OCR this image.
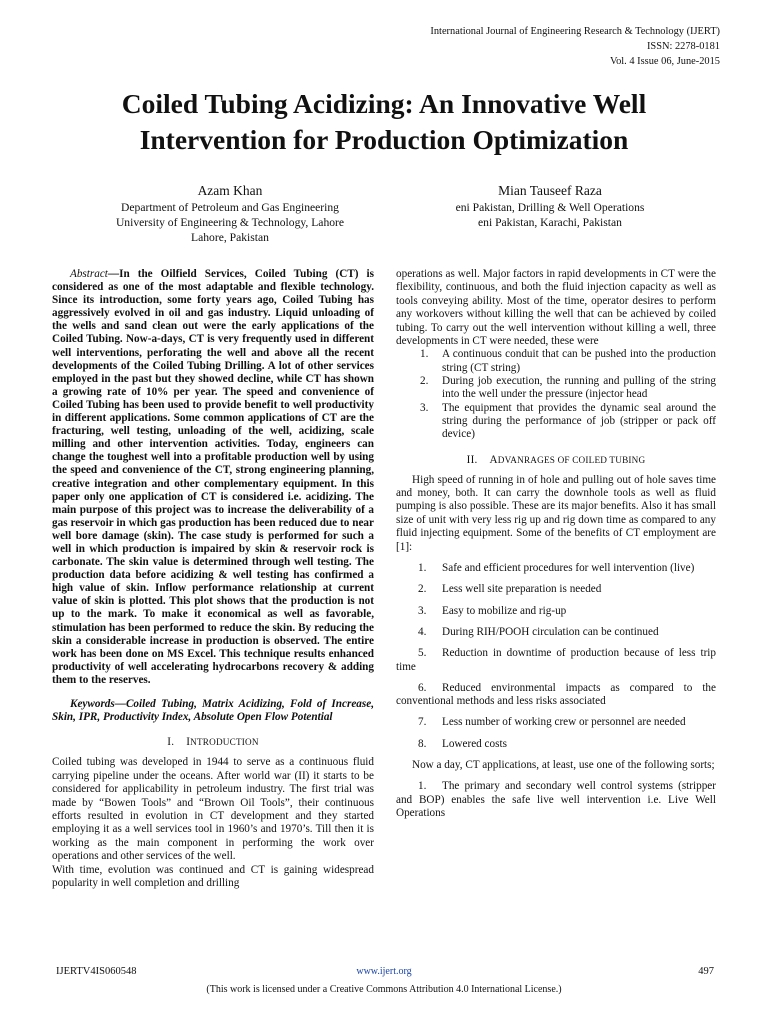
International Journal of Engineering Research & Technology (IJERT)
ISSN: 2278-0181
Vol. 4 Issue 06, June-2015
Coiled Tubing Acidizing: An Innovative Well
Intervention for Production Optimization
Azam Khan
Department of Petroleum and Gas Engineering
University of Engineering & Technology, Lahore
Lahore, Pakistan
Mian Tauseef Raza
eni Pakistan, Drilling & Well Operations
eni Pakistan, Karachi, Pakistan

Abstract—In the Oilfield Services, Coiled Tubing (CT) is considered as one of the most adaptable and flexible technology. Since its introduction, some forty years ago, Coiled Tubing has aggressively evolved in oil and gas industry. Liquid unloading of the wells and sand clean out were the early applications of the Coiled Tubing. Now-a-days, CT is very frequently used in different well interventions, perforating the well and above all the recent developments of the Coiled Tubing Drilling. A lot of other services employed in the past but they showed decline, while CT has shown a growing rate of 10% per year. The speed and convenience of Coiled Tubing has been used to provide benefit to well productivity in different applications. Some common applications of CT are the fracturing, well testing, unloading of the well, acidizing, scale milling and other intervention activities. Today, engineers can change the toughest well into a profitable production well by using the speed and convenience of the CT, strong engineering planning, creative integration and other complementary equipment. In this paper only one application of CT is considered i.e. acidizing. The main purpose of this project was to increase the deliverability of a gas reservoir in which gas production has been reduced due to near well bore damage (skin). The case study is performed for such a well in which production is impaired by skin & reservoir rock is carbonate. The skin value is determined through well testing. The production data before acidizing & well testing has confirmed a high value of skin. Inflow performance relationship at current value of skin is plotted. This plot shows that the production is not up to the mark. To make it economical as well as favorable, stimulation has been performed to reduce the skin. By reducing the skin a considerable increase in production is observed. The entire work has been done on MS Excel. This technique results enhanced productivity of well accelerating hydrocarbons recovery & adding them to the reserves.

Keywords—Coiled Tubing, Matrix Acidizing, Fold of Increase, Skin, IPR, Productivity Index, Absolute Open Flow Potential

I. INTRODUCTION

Coiled tubing was developed in 1944 to serve as a continuous fluid carrying pipeline under the oceans. After world war (II) it starts to be considered for applicability in petroleum industry. The first trial was made by “Bowen Tools” and “Brown Oil Tools”, their continuous efforts resulted in evolution in CT development and they started employing it as a well services tool in 1960’s and 1970’s. Till then it is working as the main component in performing the work over operations and other services of the well.

With time, evolution was continued and CT is gaining widespread popularity in well completion and drilling

operations as well. Major factors in rapid developments in CT were the flexibility, continuous, and both the fluid injection capacity as well as tools conveying ability. Most of the time, operator desires to perform any workovers without killing the well that can be achieved by coiled tubing. To carry out the well intervention without killing a well, three developments in CT were needed, these were

1. A continuous conduit that can be pushed into the production string (CT string)
2. During job execution, the running and pulling of the string into the well under the pressure (injector head
3. The equipment that provides the dynamic seal around the string during the performance of job (stripper or pack off device)
II. ADVANRAGES OF COILED TUBING

High speed of running in of hole and pulling out of hole saves time and money, both. It can carry the downhole tools as well as fluid pumping is also possible. These are its major benefits. Also it has small size of unit with very less rig up and rig down time as compared to any fluid injecting equipment. Some of the benefits of CT employment are [1]:

1. Safe and efficient procedures for well intervention (live)
2. Less well site preparation is needed
3. Easy to mobilize and rig-up
4. During RIH/POOH circulation can be continued
5. Reduction in downtime of production because of less trip time
6. Reduced environmental impacts as compared to the conventional methods and less risks associated
7. Less number of working crew or personnel are needed
8. Lowered costs

Now a day, CT applications, at least, use one of the following sorts;

1. The primary and secondary well control systems (stripper and BOP) enables the safe live well intervention i.e. Live Well Operations
IJERTV4IS060548	www.ijert.org	497
(This work is licensed under a Creative Commons Attribution 4.0 International License.)
